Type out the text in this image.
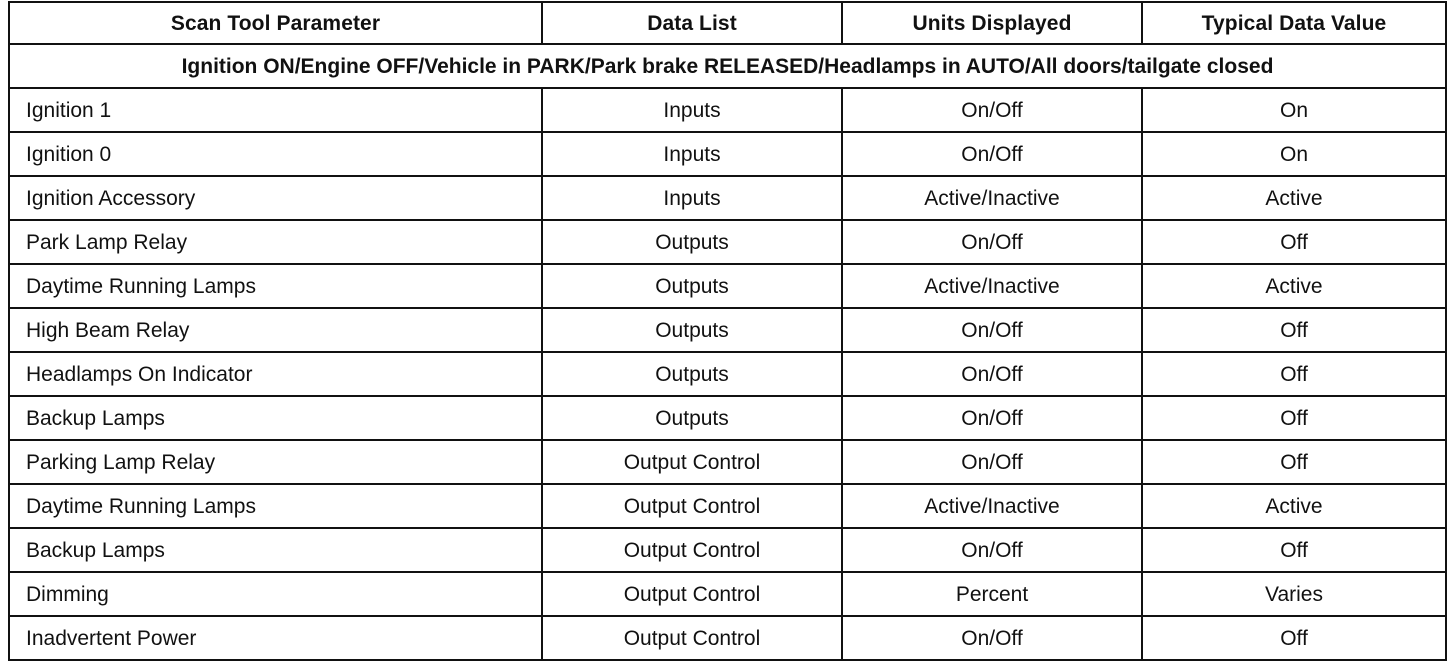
Scan Tool Parameter	Data List	Units Displayed	Typical Data Value
Ignition ON/Engine OFF/Vehicle in PARK/Park brake RELEASED/Headlamps in AUTO/All doors/tailgate closed			
Ignition 1	Inputs	On/Off	On
Ignition 0	Inputs	On/Off	On
Ignition Accessory	Inputs	Active/Inactive	Active
Park Lamp Relay	Outputs	On/Off	Off
Daytime Running Lamps	Outputs	Active/Inactive	Active
High Beam Relay	Outputs	On/Off	Off
Headlamps On Indicator	Outputs	On/Off	Off
Backup Lamps	Outputs	On/Off	Off
Parking Lamp Relay	Output Control	On/Off	Off
Daytime Running Lamps	Output Control	Active/Inactive	Active
Backup Lamps	Output Control	On/Off	Off
Dimming	Output Control	Percent	Varies
Inadvertent Power	Output Control	On/Off	Off
